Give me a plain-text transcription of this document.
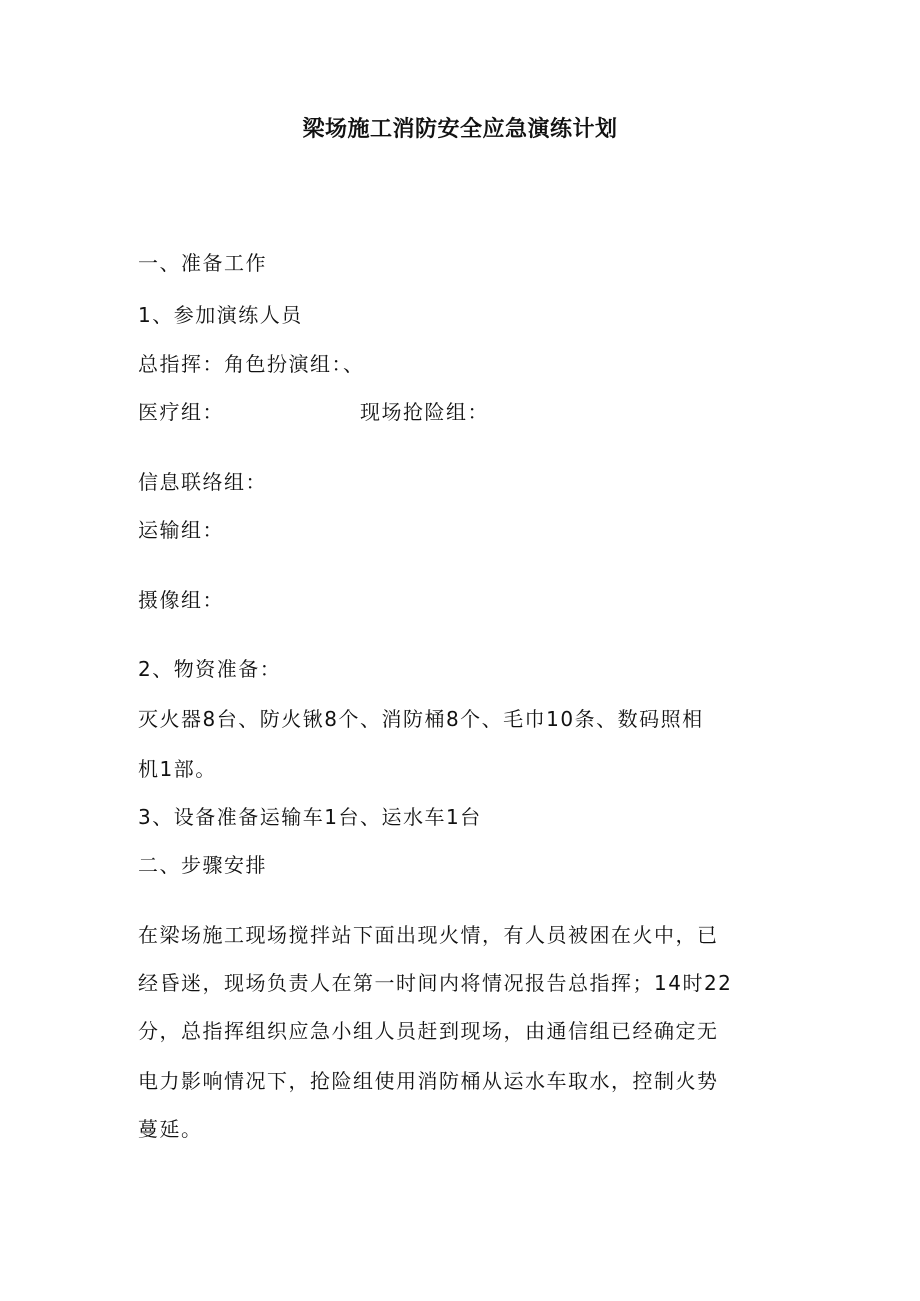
梁场施工消防安全应急演练计划
一、准备工作
1、参加演练人员
总指挥：角色扮演组：、
医疗组：	现场抢险组：
信息联络组：
运输组：
摄像组：
2、物资准备：
灭火器8台、防火锹8个、消防桶8个、毛巾10条、数码照相
机1部。
3、设备准备运输车1台、运水车1台
二、步骤安排
在梁场施工现场搅拌站下面出现火情，有人员被困在火中，已
经昏迷，现场负责人在第一时间内将情况报告总指挥；14时22
分，总指挥组织应急小组人员赶到现场，由通信组已经确定无
电力影响情况下，抢险组使用消防桶从运水车取水，控制火势
蔓延。
